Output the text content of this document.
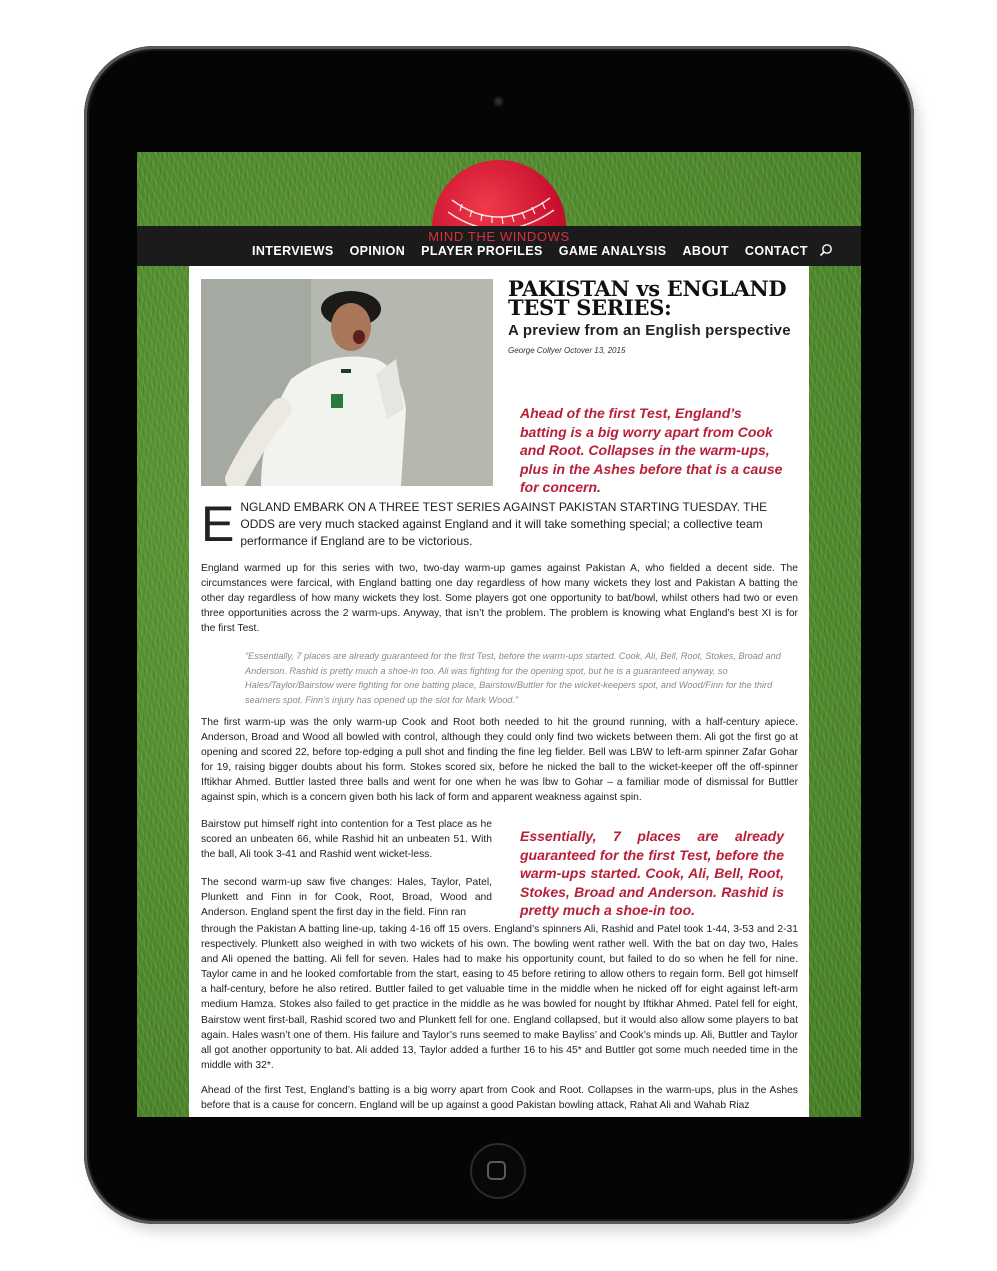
MIND THE WINDOWS
INTERVIEWS OPINION PLAYER PROFILES GAME ANALYSIS ABOUT CONTACT
PAKISTAN vs ENGLAND
TEST SERIES:
A preview from an English perspective
George Collyer Octover 13, 2015
Ahead of the first Test, England’s batting is a big worry apart from Cook and Root. Collapses in the warm-ups, plus in the Ashes before that is a cause for concern.
E NGLAND EMBARK ON A THREE TEST SERIES AGAINST PAKISTAN STARTING TUESDAY. THE ODDS are very much stacked against England and it will take something special; a collective team performance if England are to be victorious.
England warmed up for this series with two, two-day warm-up games against Pakistan A, who fielded a decent side. The circumstances were farcical, with England batting one day regardless of how many wickets they lost and Pakistan A batting the other day regardless of how many wickets they lost. Some players got one opportunity to bat/bowl, whilst others had two or even three opportunities across the 2 warm-ups. Anyway, that isn’t the problem. The problem is knowing what England’s best XI is for the first Test.
“Essentially, 7 places are already guaranteed for the first Test, before the warm-ups started. Cook, Ali, Bell, Root, Stokes, Broad and Anderson. Rashid is pretty much a shoe-in too. Ali was fighting for the opening spot, but he is a guaranteed anyway, so Hales/Taylor/Bairstow were fighting for one batting place, Bairstow/Buttler for the wicket-keepers spot, and Wood/Finn for the third seamers spot. Finn’s injury has opened up the slot for Mark Wood.”
The first warm-up was the only warm-up Cook and Root both needed to hit the ground running, with a half-century apiece. Anderson, Broad and Wood all bowled with control, although they could only find two wickets between them. Ali got the first go at opening and scored 22, before top-edging a pull shot and finding the fine leg fielder. Bell was LBW to left-arm spinner Zafar Gohar for 19, raising bigger doubts about his form. Stokes scored six, before he nicked the ball to the wicket-keeper off the off-spinner Iftikhar Ahmed. Buttler lasted three balls and went for one when he was lbw to Gohar – a familiar mode of dismissal for Buttler against spin, which is a concern given both his lack of form and apparent weakness against spin.
Bairstow put himself right into contention for a Test place as he scored an unbeaten 66, while Rashid hit an unbeaten 51. With the ball, Ali took 3-41 and Rashid went wicket-less.
The second warm-up saw five changes: Hales, Taylor, Patel, Plunkett and Finn in for Cook, Root, Broad, Wood and Anderson. England spent the first day in the field. Finn ran
Essentially, 7 places are already guaranteed for the first Test, before the warm-ups started. Cook, Ali, Bell, Root, Stokes, Broad and Anderson. Rashid is pretty much a shoe-in too.
through the Pakistan A batting line-up, taking 4-16 off 15 overs. England’s spinners Ali, Rashid and Patel took 1-44, 3-53 and 2-31 respectively. Plunkett also weighed in with two wickets of his own. The bowling went rather well. With the bat on day two, Hales and Ali opened the batting. Ali fell for seven. Hales had to make his opportunity count, but failed to do so when he fell for nine. Taylor came in and he looked comfortable from the start, easing to 45 before retiring to allow others to regain form. Bell got himself a half-century, before he also retired. Buttler failed to get valuable time in the middle when he nicked off for eight against left-arm medium Hamza. Stokes also failed to get practice in the middle as he was bowled for nought by Iftikhar Ahmed. Patel fell for eight, Bairstow went first-ball, Rashid scored two and Plunkett fell for one. England collapsed, but it would also allow some players to bat again. Hales wasn’t one of them. His failure and Taylor’s runs seemed to make Bayliss’ and Cook’s minds up. Ali, Buttler and Taylor all got another opportunity to bat. Ali added 13, Taylor added a further 16 to his 45* and Buttler got some much needed time in the middle with 32*.
Ahead of the first Test, England’s batting is a big worry apart from Cook and Root. Collapses in the warm-ups, plus in the Ashes before that is a cause for concern. England will be up against a good Pakistan bowling attack, Rahat Ali and Wahab Riaz
